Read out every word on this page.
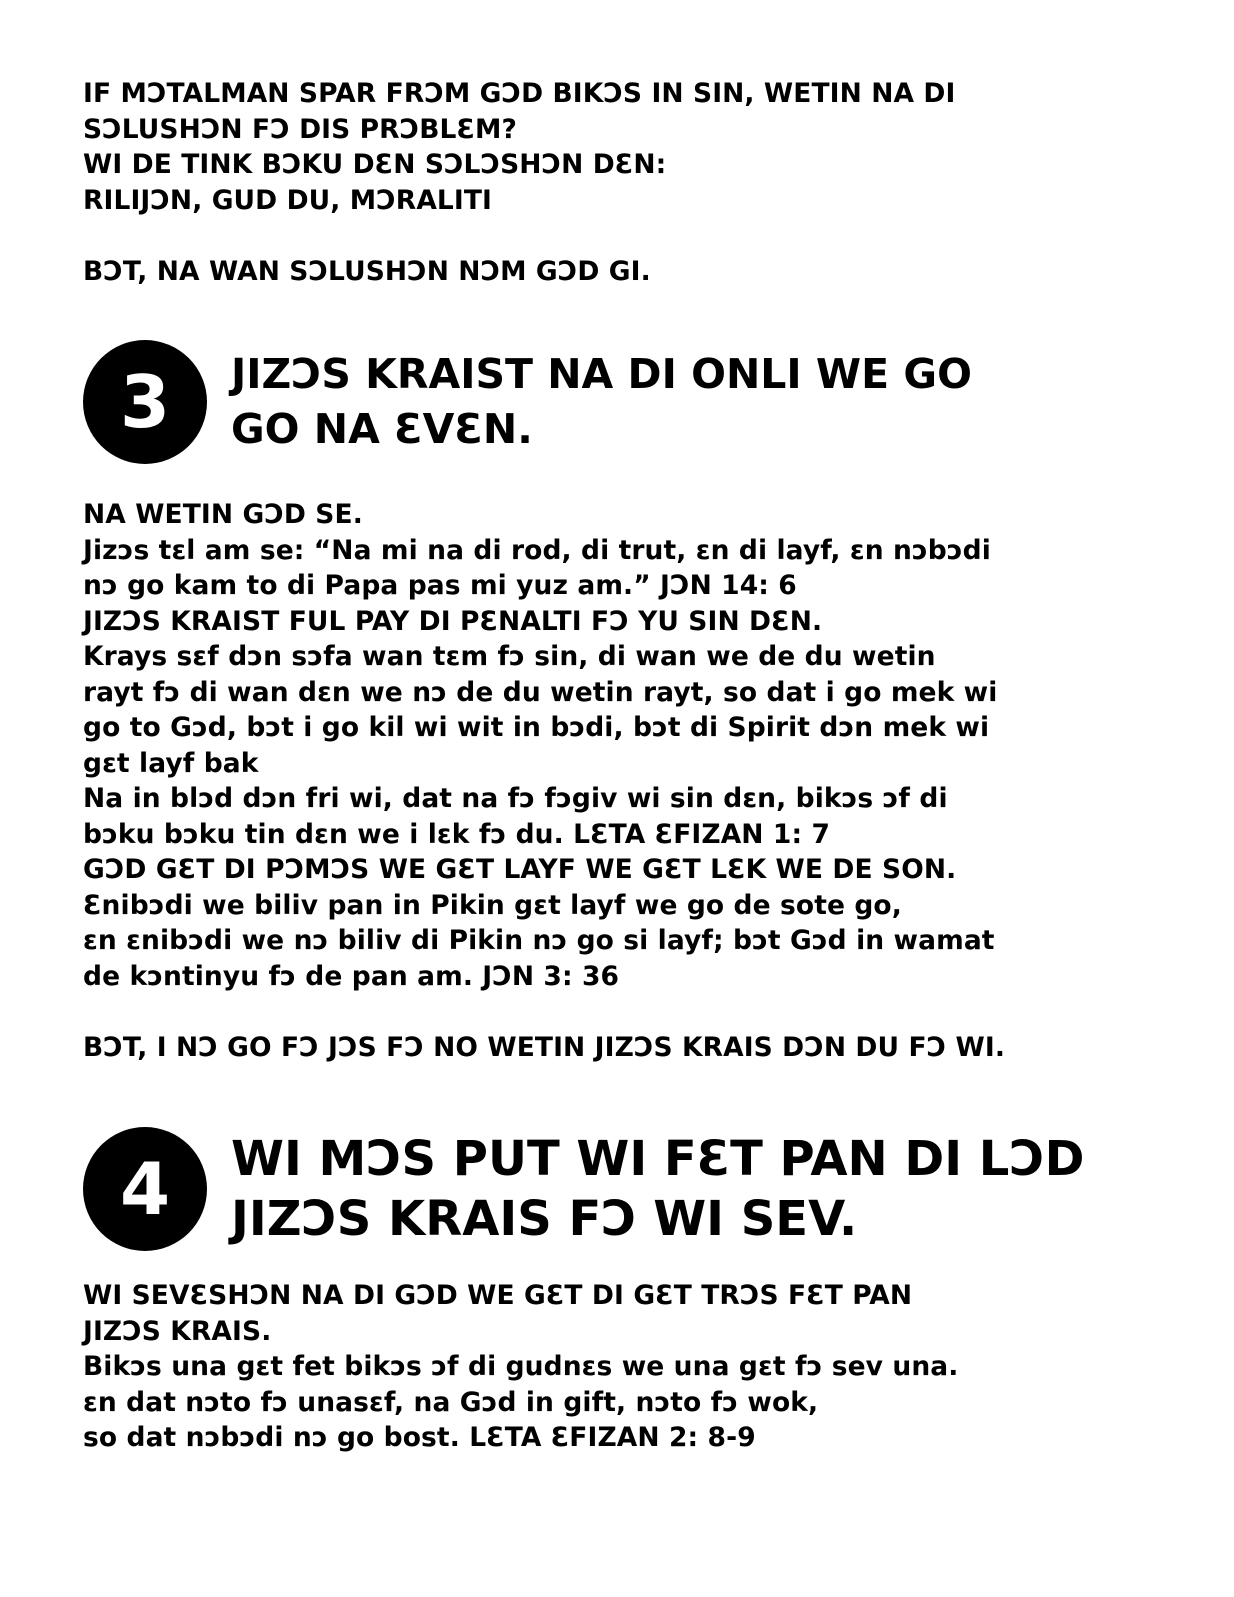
IF MƆTALMAN SPAR FRƆM GƆD BIKƆS IN SIN, WETIN NA DI
SƆLUSHƆN FƆ DIS PRƆBLƐM?
WI DE TINK BƆKU DƐN SƆLƆSHƆN DƐN:
RILIJƆN, GUD DU, MƆRALITI

BƆT, NA WAN SƆLUSHƆN NƆM GƆD GI.
3	JIZƆS KRAIST NA DI ONLI WE GO
GO NA ƐVƐN.
NA WETIN GƆD SE.
Jizɔs tɛl am se: “Na mi na di rod, di trut, ɛn di layf, ɛn nɔbɔdi
nɔ go kam to di Papa pas mi yuz am.” JƆN 14: 6
JIZƆS KRAIST FUL PAY DI PƐNALTI FƆ YU SIN DƐN.
Krays sɛf dɔn sɔfa wan tɛm fɔ sin, di wan we de du wetin
rayt fɔ di wan dɛn we nɔ de du wetin rayt, so dat i go mek wi
go to Gɔd, bɔt i go kil wi wit in bɔdi, bɔt di Spirit dɔn mek wi
gɛt layf bak
Na in blɔd dɔn fri wi, dat na fɔ fɔgiv wi sin dɛn, bikɔs ɔf di
bɔku bɔku tin dɛn we i lɛk fɔ du. LƐTA ƐFIZAN 1: 7
GƆD GƐT DI PƆMƆS WE GƐT LAYF WE GƐT LƐK WE DE SON.
Ɛnibɔdi we biliv pan in Pikin gɛt layf we go de sote go,
ɛn ɛnibɔdi we nɔ biliv di Pikin nɔ go si layf; bɔt Gɔd in wamat
de kɔntinyu fɔ de pan am. JƆN 3: 36

BƆT, I NƆ GO FƆ JƆS FƆ NO WETIN JIZƆS KRAIS DƆN DU FƆ WI.
4	WI MƆS PUT WI FƐT PAN DI LƆD
JIZƆS KRAIS FƆ WI SEV.
WI SEVƐSHƆN NA DI GƆD WE GƐT DI GƐT TRƆS FƐT PAN
JIZƆS KRAIS.
Bikɔs una gɛt fet bikɔs ɔf di gudnɛs we una gɛt fɔ sev una.
ɛn dat nɔto fɔ unasɛf, na Gɔd in gift, nɔto fɔ wok,
so dat nɔbɔdi nɔ go bost. LƐTA ƐFIZAN 2: 8-9
